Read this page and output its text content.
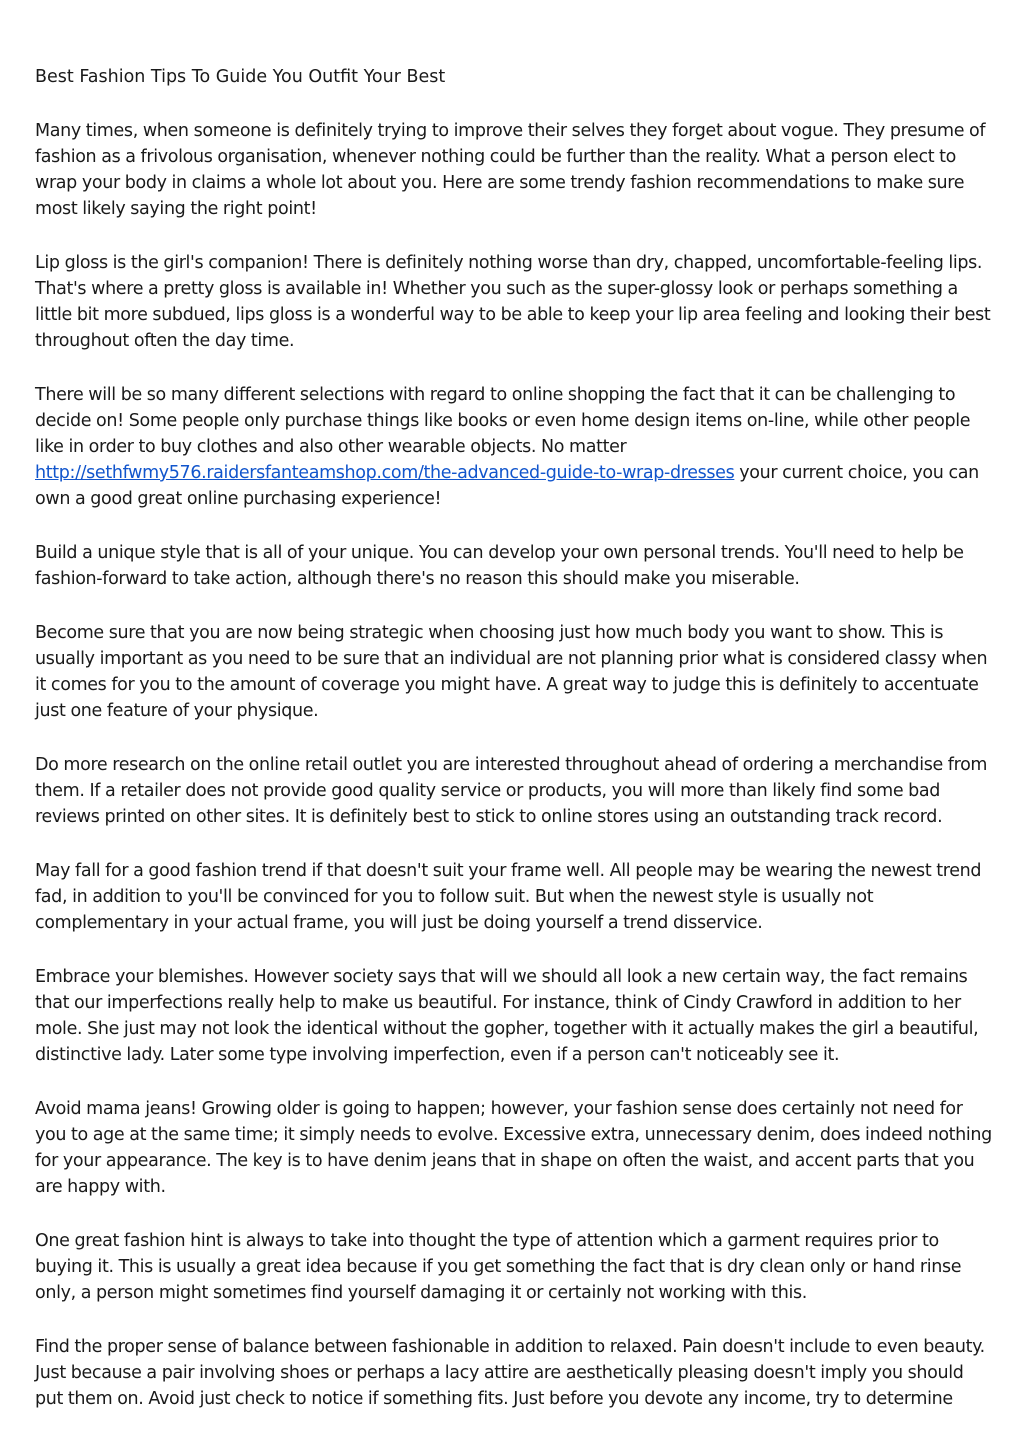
Best Fashion Tips To Guide You Outfit Your Best

Many times, when someone is definitely trying to improve their selves they forget about vogue. They presume of fashion as a frivolous organisation, whenever nothing could be further than the reality. What a person elect to wrap your body in claims a whole lot about you. Here are some trendy fashion recommendations to make sure most likely saying the right point!

Lip gloss is the girl's companion! There is definitely nothing worse than dry, chapped, uncomfortable-feeling lips. That's where a pretty gloss is available in! Whether you such as the super-glossy look or perhaps something a little bit more subdued, lips gloss is a wonderful way to be able to keep your lip area feeling and looking their best throughout often the day time.

There will be so many different selections with regard to online shopping the fact that it can be challenging to decide on! Some people only purchase things like books or even home design items on-line, while other people like in order to buy clothes and also other wearable objects. No matter http://sethfwmy576.raidersfanteamshop.com/the-advanced-guide-to-wrap-dresses your current choice, you can own a good great online purchasing experience!

Build a unique style that is all of your unique. You can develop your own personal trends. You'll need to help be fashion-forward to take action, although there's no reason this should make you miserable.

Become sure that you are now being strategic when choosing just how much body you want to show. This is usually important as you need to be sure that an individual are not planning prior what is considered classy when it comes for you to the amount of coverage you might have. A great way to judge this is definitely to accentuate just one feature of your physique.

Do more research on the online retail outlet you are interested throughout ahead of ordering a merchandise from them. If a retailer does not provide good quality service or products, you will more than likely find some bad reviews printed on other sites. It is definitely best to stick to online stores using an outstanding track record.

May fall for a good fashion trend if that doesn't suit your frame well. All people may be wearing the newest trend fad, in addition to you'll be convinced for you to follow suit. But when the newest style is usually not complementary in your actual frame, you will just be doing yourself a trend disservice.

Embrace your blemishes. However society says that will we should all look a new certain way, the fact remains that our imperfections really help to make us beautiful. For instance, think of Cindy Crawford in addition to her mole. She just may not look the identical without the gopher, together with it actually makes the girl a beautiful, distinctive lady. Later some type involving imperfection, even if a person can't noticeably see it.

Avoid mama jeans! Growing older is going to happen; however, your fashion sense does certainly not need for you to age at the same time; it simply needs to evolve. Excessive extra, unnecessary denim, does indeed nothing for your appearance. The key is to have denim jeans that in shape on often the waist, and accent parts that you are happy with.

One great fashion hint is always to take into thought the type of attention which a garment requires prior to buying it. This is usually a great idea because if you get something the fact that is dry clean only or hand rinse only, a person might sometimes find yourself damaging it or certainly not working with this.

Find the proper sense of balance between fashionable in addition to relaxed. Pain doesn't include to even beauty. Just because a pair involving shoes or perhaps a lacy attire are aesthetically pleasing doesn't imply you should put them on. Avoid just check to notice if something fits. Just before you devote any income, try to determine
